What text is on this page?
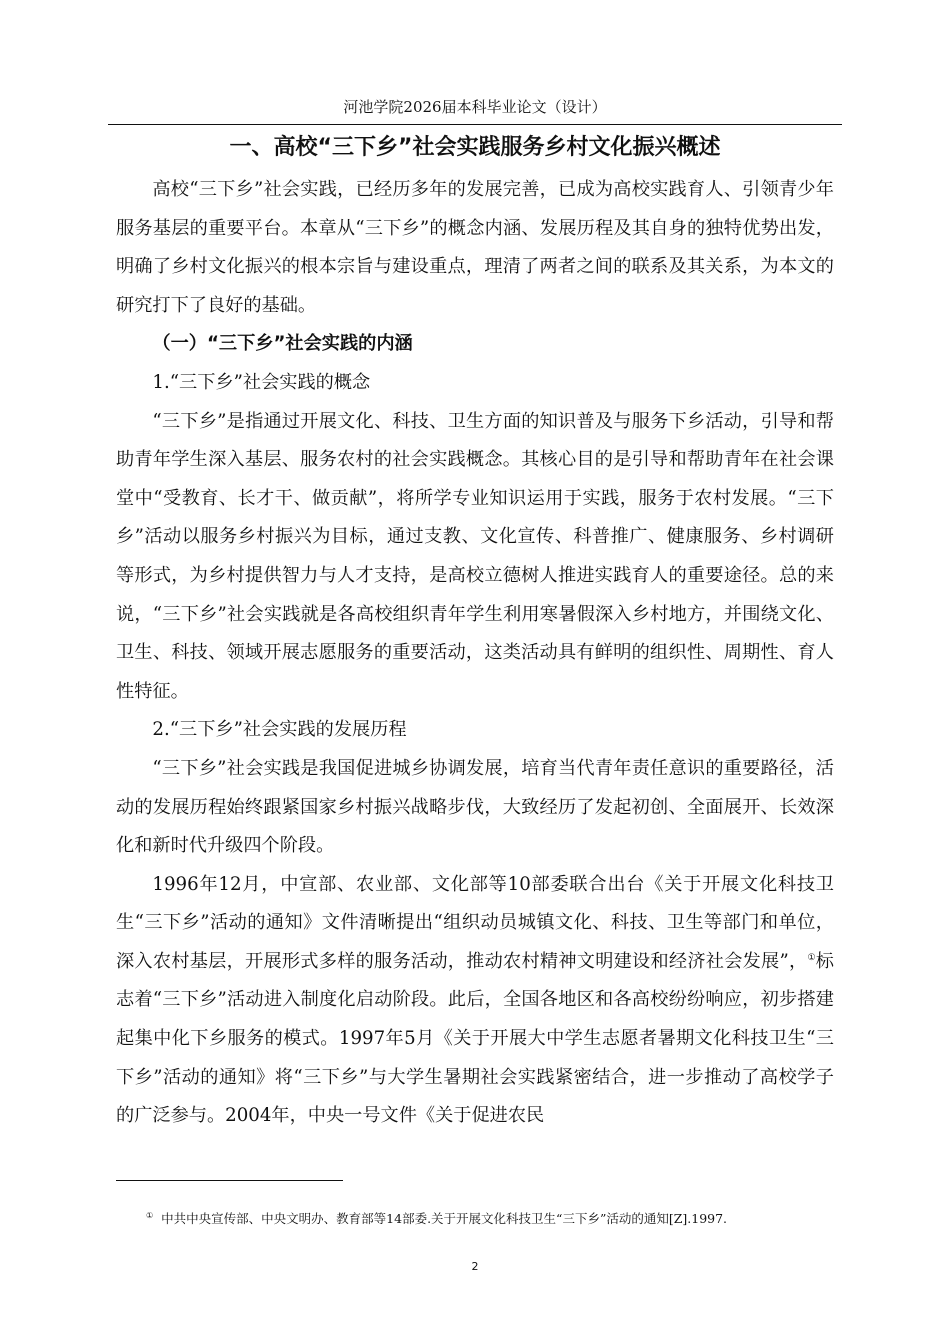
河池学院2026届本科毕业论文（设计）
一、高校“三下乡”社会实践服务乡村文化振兴概述

高校“三下乡”社会实践，已经历多年的发展完善，已成为高校实践育人、引领青少年服务基层的重要平台。本章从“三下乡”的概念内涵、发展历程及其自身的独特优势出发，明确了乡村文化振兴的根本宗旨与建设重点，理清了两者之间的联系及其关系，为本文的研究打下了良好的基础。

（一）“三下乡”社会实践的内涵

1.“三下乡”社会实践的概念

“三下乡”是指通过开展文化、科技、卫生方面的知识普及与服务下乡活动，引导和帮助青年学生深入基层、服务农村的社会实践概念。其核心目的是引导和帮助青年在社会课堂中“受教育、长才干、做贡献”，将所学专业知识运用于实践，服务于农村发展。“三下乡”活动以服务乡村振兴为目标，通过支教、文化宣传、科普推广、健康服务、乡村调研等形式，为乡村提供智力与人才支持，是高校立德树人推进实践育人的重要途径。总的来说，“三下乡”社会实践就是各高校组织青年学生利用寒暑假深入乡村地方，并围绕文化、卫生、科技、领域开展志愿服务的重要活动，这类活动具有鲜明的组织性、周期性、育人性特征。

2.“三下乡”社会实践的发展历程

“三下乡”社会实践是我国促进城乡协调发展，培育当代青年责任意识的重要路径，活动的发展历程始终跟紧国家乡村振兴战略步伐，大致经历了发起初创、全面展开、长效深化和新时代升级四个阶段。

1996年12月，中宣部、农业部、文化部等10部委联合出台《关于开展文化科技卫生“三下乡”活动的通知》文件清晰提出“组织动员城镇文化、科技、卫生等部门和单位，深入农村基层，开展形式多样的服务活动，推动农村精神文明建设和经济社会发展”，①标志着“三下乡”活动进入制度化启动阶段。此后，全国各地区和各高校纷纷响应，初步搭建起集中化下乡服务的模式。1997年5月《关于开展大中学生志愿者暑期文化科技卫生“三下乡”活动的通知》将“三下乡”与大学生暑期社会实践紧密结合，进一步推动了高校学子的广泛参与。2004年，中央一号文件《关于促进农民

① 中共中央宣传部、中央文明办、教育部等14部委.关于开展文化科技卫生“三下乡”活动的通知[Z].1997.
2
